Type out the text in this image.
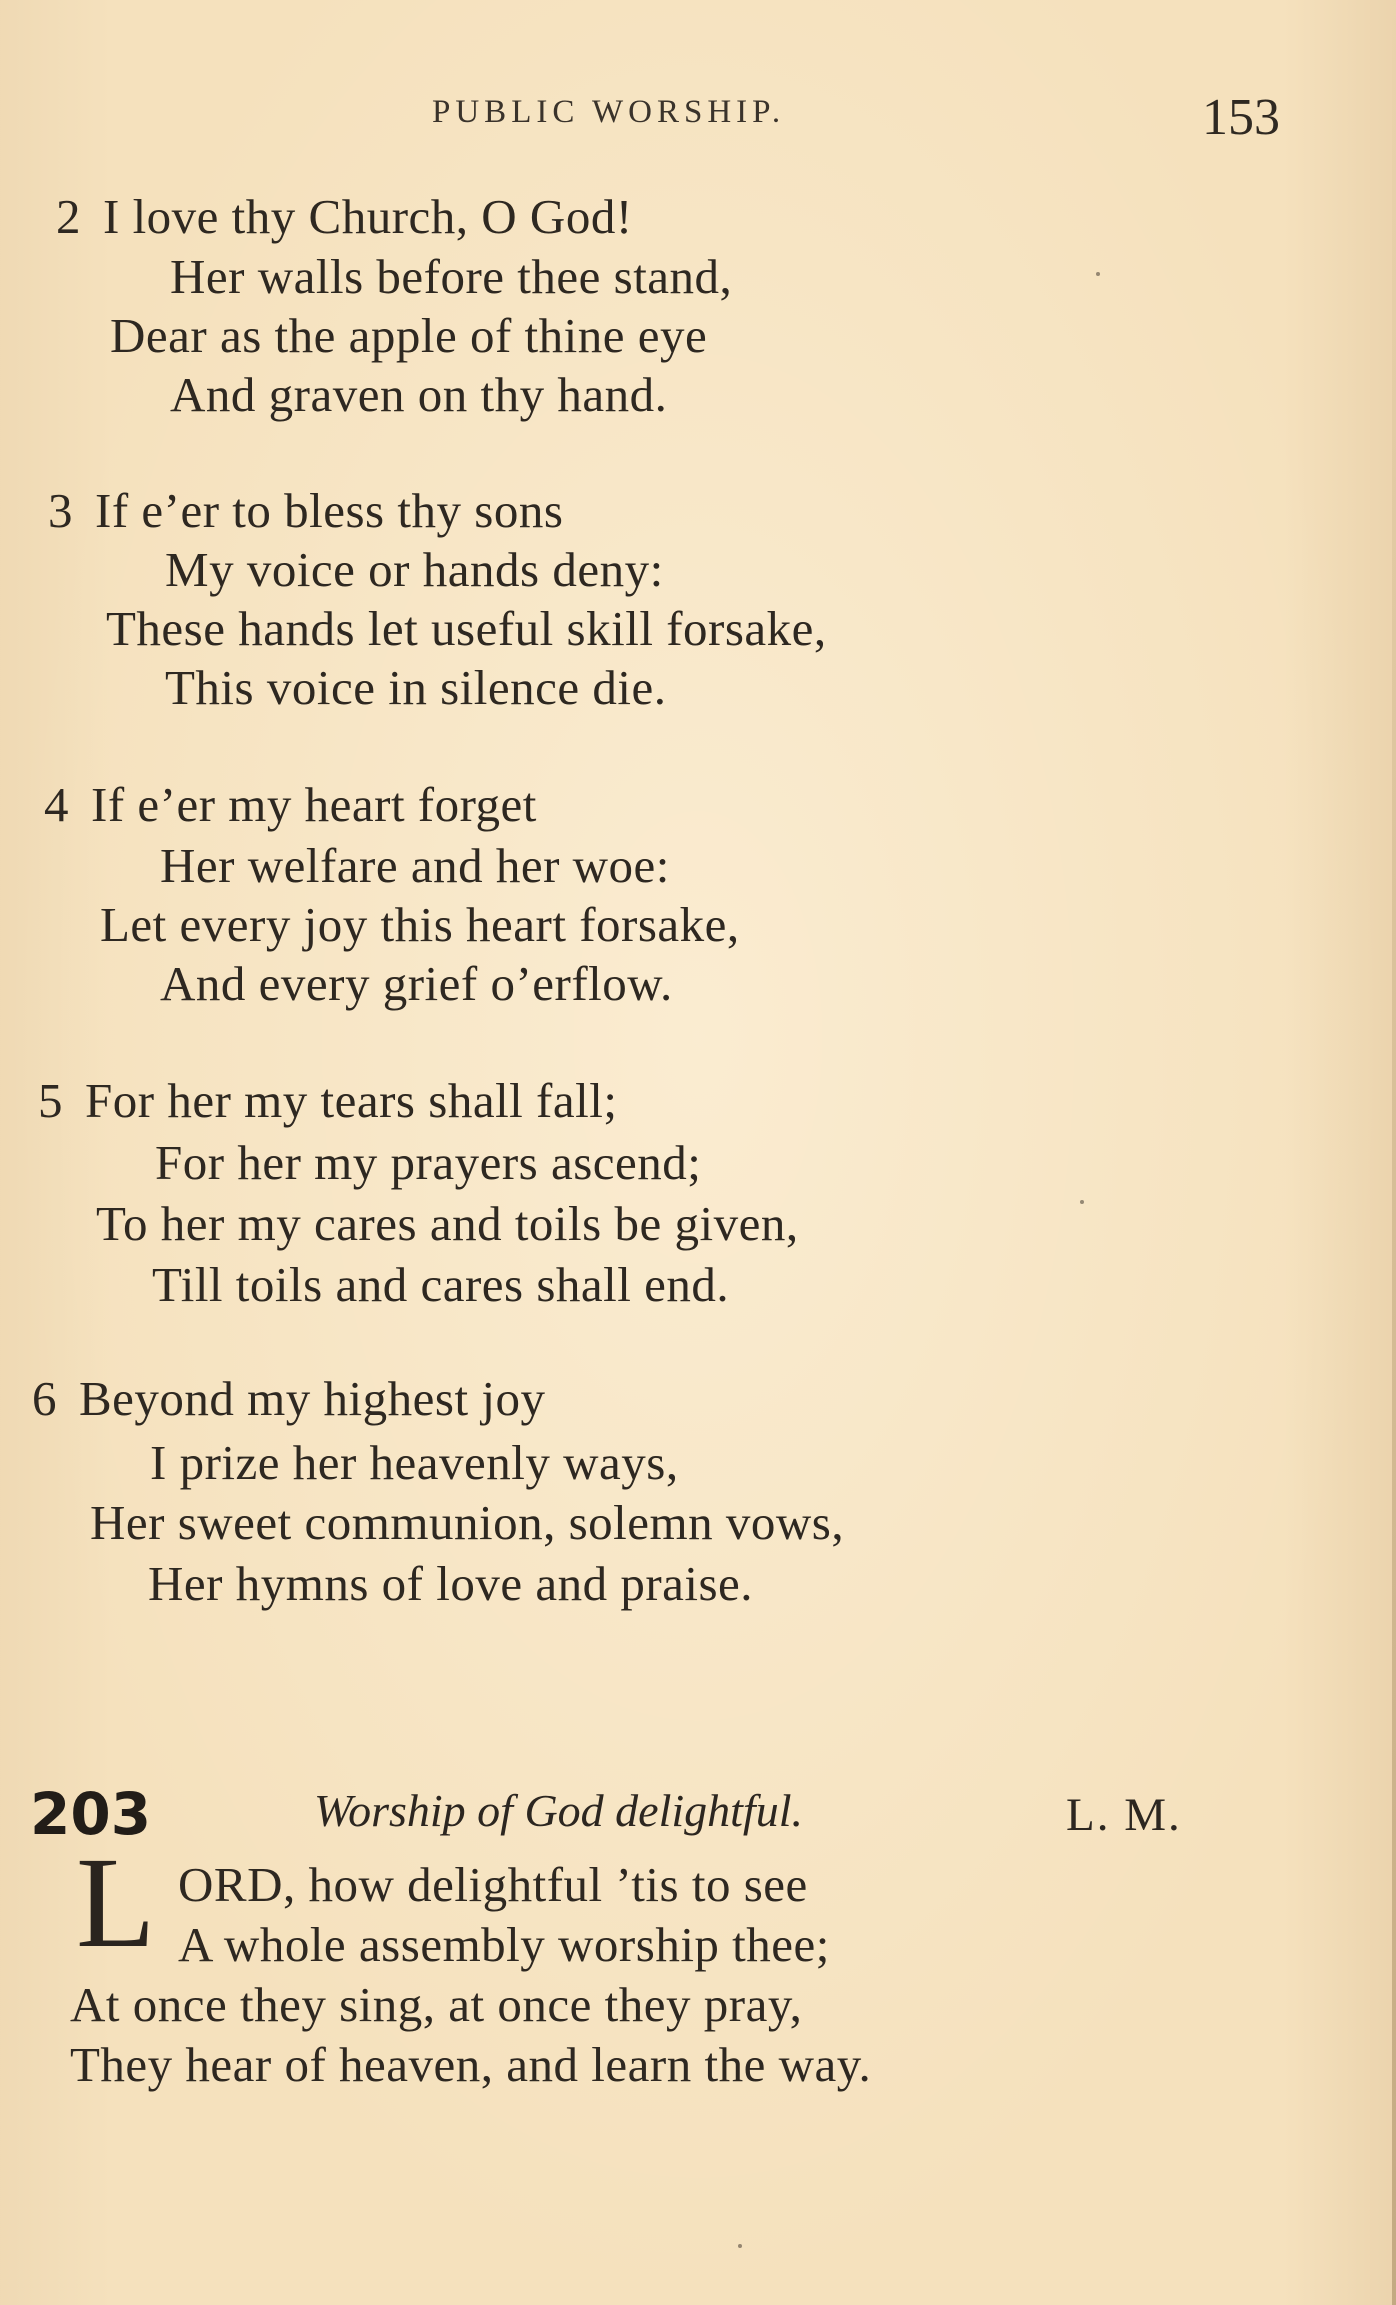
PUBLIC WORSHIP.	153
2 I love thy Church, O God!
Her walls before thee stand,
Dear as the apple of thine eye
And graven on thy hand.
3 If e’er to bless thy sons
My voice or hands deny:
These hands let useful skill forsake,
This voice in silence die.
4 If e’er my heart forget
Her welfare and her woe:
Let every joy this heart forsake,
And every grief o’erflow.
5 For her my tears shall fall;
For her my prayers ascend;
To her my cares and toils be given,
Till toils and cares shall end.
6 Beyond my highest joy
I prize her heavenly ways,
Her sweet communion, solemn vows,
Her hymns of love and praise.
203	Worship of God delightful.	L. M.
L ORD, how delightful ’tis to see
A whole assembly worship thee;
At once they sing, at once they pray,
They hear of heaven, and learn the way.
